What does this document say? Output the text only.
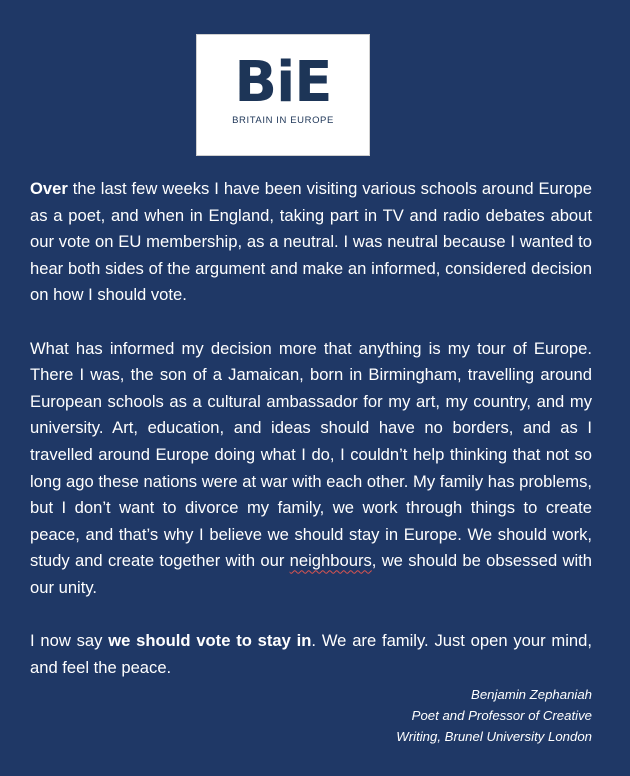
BiE
BRITAIN IN EUROPE

Over the last few weeks I have been visiting various schools around Europe as a poet, and when in England, taking part in TV and radio debates about our vote on EU membership, as a neutral. I was neutral because I wanted to hear both sides of the argument and make an informed, considered decision on how I should vote.

What has informed my decision more that anything is my tour of Europe. There I was, the son of a Jamaican, born in Birmingham, travelling around European schools as a cultural ambassador for my art, my country, and my university. Art, education, and ideas should have no borders, and as I travelled around Europe doing what I do, I couldn’t help thinking that not so long ago these nations were at war with each other. My family has problems, but I don’t want to divorce my family, we work through things to create peace, and that’s why I believe we should stay in Europe. We should work, study and create together with our neighbours, we should be obsessed with our unity.

I now say we should vote to stay in. We are family. Just open your mind, and feel the peace.

Benjamin Zephaniah
Poet and Professor of Creative
Writing, Brunel University London
